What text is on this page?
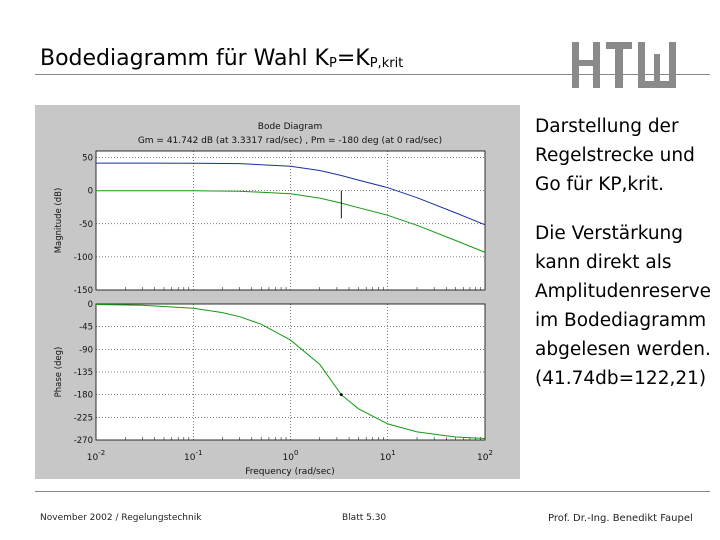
Bodediagramm für Wahl $K_P=K_{P,krit}$
Bode Diagram
Gm = 41.742 dB (at 3.3317 rad/sec) , Pm = -180 deg (at 0 rad/sec)
50
0
-50
-100
-150
Magnitude (dB)
0
-45
-90
-135
-180
-225
-270
Phase (deg)
$10^{-2}$	$10^{-1}$	$10^0$	$10^1$	$10^2$
Frequency (rad/sec)

Darstellung der Regelstrecke und Go für KP,krit.

Die Verstärkung kann direkt als Amplitudenreserve im Bodediagramm abgelesen werden. (41.74db=122,21)

November 2002 / Regelungstechnik	Blatt 5.30	Prof. Dr.-Ing. Benedikt Faupel
